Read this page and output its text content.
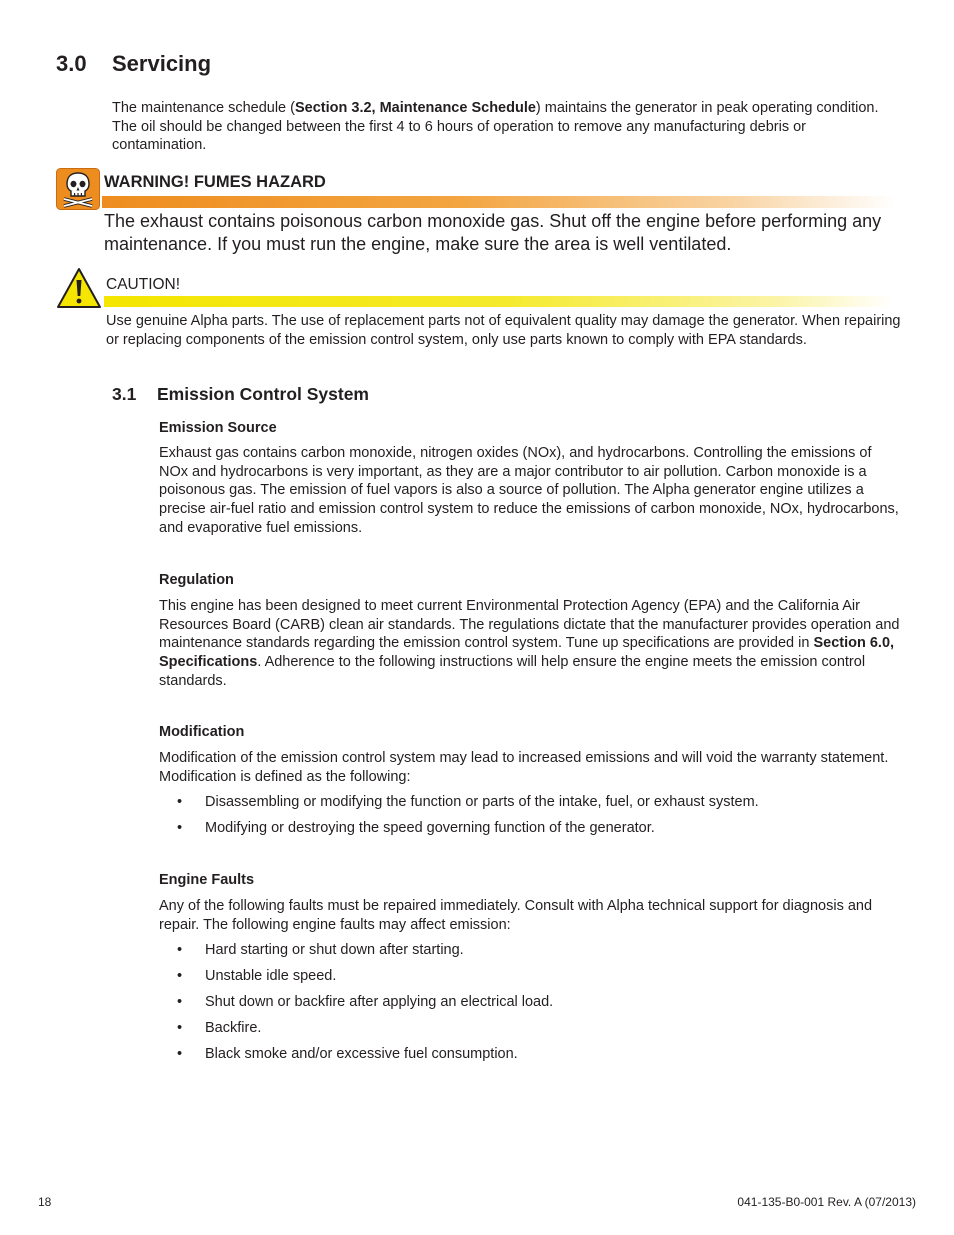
3.0 Servicing

The maintenance schedule (Section 3.2, Maintenance Schedule) maintains the generator in peak operating condition. The oil should be changed between the first 4 to 6 hours of operation to remove any manufacturing debris or contamination.

WARNING! FUMES HAZARD

The exhaust contains poisonous carbon monoxide gas. Shut off the engine before performing any maintenance. If you must run the engine, make sure the area is well ventilated.

CAUTION!

Use genuine Alpha parts. The use of replacement parts not of equivalent quality may damage the generator. When repairing or replacing components of the emission control system, only use parts known to comply with EPA standards.

3.1 Emission Control System

Emission Source

Exhaust gas contains carbon monoxide, nitrogen oxides (NOx), and hydrocarbons. Controlling the emissions of NOx and hydrocarbons is very important, as they are a major contributor to air pollution. Carbon monoxide is a poisonous gas. The emission of fuel vapors is also a source of pollution. The Alpha generator engine utilizes a precise air-fuel ratio and emission control system to reduce the emissions of carbon monoxide, NOx, hydrocarbons, and evaporative fuel emissions.

Regulation

This engine has been designed to meet current Environmental Protection Agency (EPA) and the California Air Resources Board (CARB) clean air standards. The regulations dictate that the manufacturer provides operation and maintenance standards regarding the emission control system. Tune up specifications are provided in Section 6.0, Specifications. Adherence to the following instructions will help ensure the engine meets the emission control standards.

Modification

Modification of the emission control system may lead to increased emissions and will void the warranty statement. Modification is defined as the following:

• Disassembling or modifying the function or parts of the intake, fuel, or exhaust system.
• Modifying or destroying the speed governing function of the generator.

Engine Faults

Any of the following faults must be repaired immediately. Consult with Alpha technical support for diagnosis and repair. The following engine faults may affect emission:

• Hard starting or shut down after starting.
• Unstable idle speed.
• Shut down or backfire after applying an electrical load.
• Backfire.
• Black smoke and/or excessive fuel consumption.

18	041-135-B0-001 Rev. A (07/2013)
